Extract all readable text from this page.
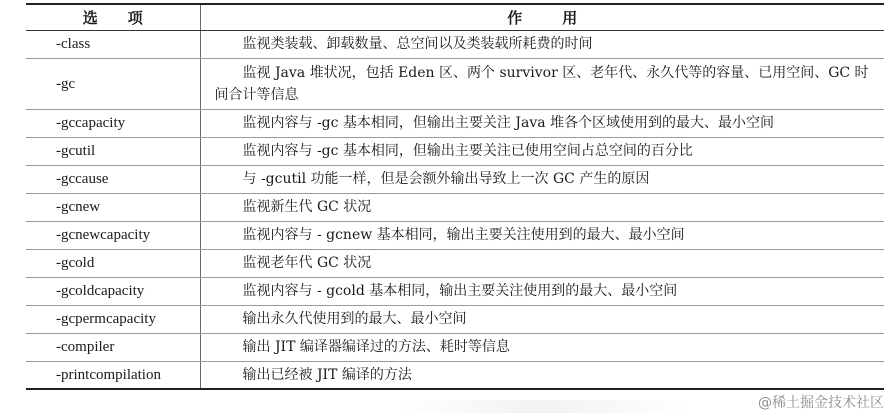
选项	作用
-class	监视类装载、卸载数量、总空间以及类装载所耗费的时间
-gc	监视 Java 堆状况，包括 Eden 区、两个 survivor 区、老年代、永久代等的容量、已用空间、GC 时间合计等信息
-gccapacity	监视内容与 -gc 基本相同，但输出主要关注 Java 堆各个区域使用到的最大、最小空间
-gcutil	监视内容与 -gc 基本相同，但输出主要关注已使用空间占总空间的百分比
-gccause	与 -gcutil 功能一样，但是会额外输出导致上一次 GC 产生的原因
-gcnew	监视新生代 GC 状况
-gcnewcapacity	监视内容与 - gcnew 基本相同，输出主要关注使用到的最大、最小空间
-gcold	监视老年代 GC 状况
-gcoldcapacity	监视内容与 - gcold 基本相同，输出主要关注使用到的最大、最小空间
-gcpermcapacity	输出永久代使用到的最大、最小空间
-compiler	输出 JIT 编译器编译过的方法、耗时等信息
-printcompilation	输出已经被 JIT 编译的方法
@稀土掘金技术社区
